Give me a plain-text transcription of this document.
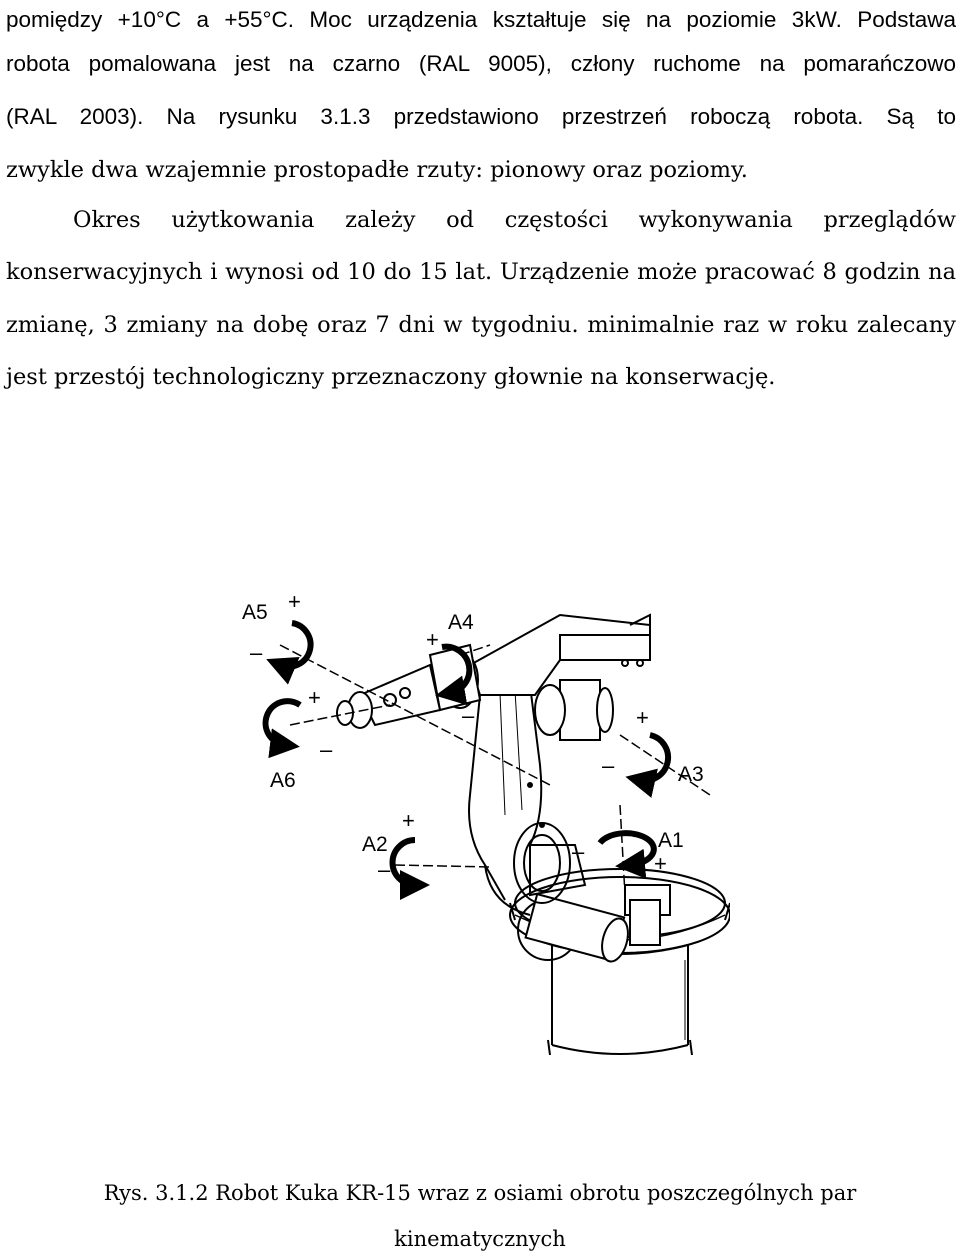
pomiędzy +10°C a +55°C. Moc urządzenia kształtuje się na poziomie 3kW. Podstawa
robota pomalowana jest na czarno (RAL 9005), człony ruchome na pomarańczowo
(RAL 2003). Na rysunku 3.1.3 przedstawiono przestrzeń roboczą robota. Są to
zwykle dwa wzajemnie prostopadłe rzuty: pionowy oraz poziomy.
Okres użytkowania zależy od częstości wykonywania przeglądów
konserwacyjnych i wynosi od 10 do 15 lat. Urządzenie może pracować 8 godzin na
zmianę, 3 zmiany na dobę oraz 7 dni w tygodniu. minimalnie raz w roku zalecany
jest przestój technologiczny przeznaczony głownie na konserwację.
A5 +
–
A4
+
–
A6
+
–
A3
+
–
A2
+
–
A1
+
–
Rys. 3.1.2 Robot Kuka KR-15 wraz z osiami obrotu poszczególnych par
kinematycznych
